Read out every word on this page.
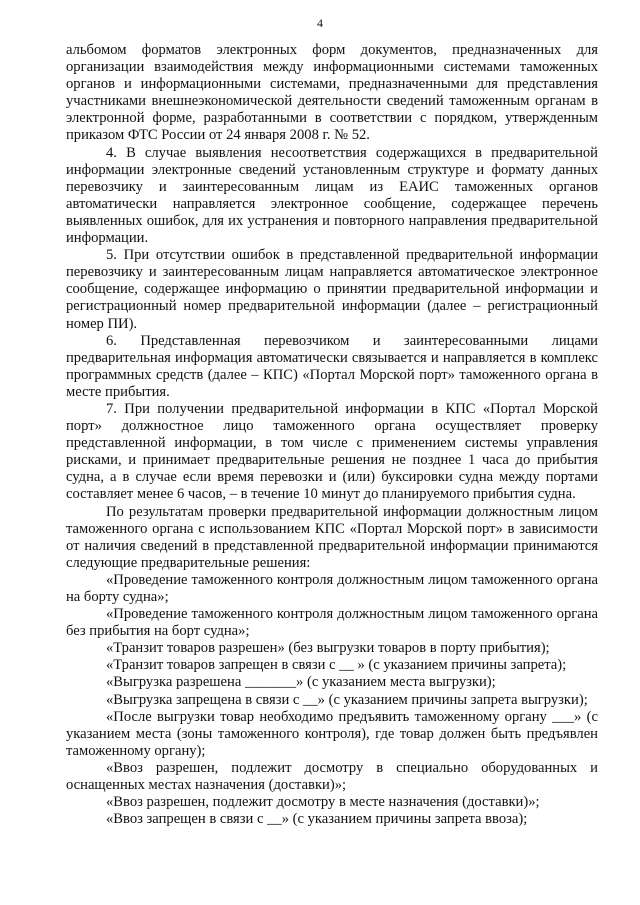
4

альбомом форматов электронных форм документов, предназначенных для организации взаимодействия между информационными системами таможенных органов и информационными системами, предназначенными для представления участниками внешнеэкономической деятельности сведений таможенным органам в электронной форме, разработанными в соответствии с порядком, утвержденным приказом ФТС России от 24 января 2008 г. № 52.

4. В случае выявления несоответствия содержащихся в предварительной информации электронные сведений установленным структуре и формату данных перевозчику и заинтересованным лицам из ЕАИС таможенных органов автоматически направляется электронное сообщение, содержащее перечень выявленных ошибок, для их устранения и повторного направления предварительной информации.

5. При отсутствии ошибок в представленной предварительной информации перевозчику и заинтересованным лицам направляется автоматическое электронное сообщение, содержащее информацию о принятии предварительной информации и регистрационный номер предварительной информации (далее – регистрационный номер ПИ).

6. Представленная перевозчиком и заинтересованными лицами предварительная информация автоматически связывается и направляется в комплекс программных средств (далее – КПС) «Портал Морской порт» таможенного органа в месте прибытия.

7. При получении предварительной информации в КПС «Портал Морской порт» должностное лицо таможенного органа осуществляет проверку представленной информации, в том числе с применением системы управления рисками, и принимает предварительные решения не позднее 1 часа до прибытия судна, а в случае если время перевозки и (или) буксировки судна между портами составляет менее 6 часов, – в течение 10 минут до планируемого прибытия судна.

По результатам проверки предварительной информации должностным лицом таможенного органа с использованием КПС «Портал Морской порт» в зависимости от наличия сведений в представленной предварительной информации принимаются следующие предварительные решения:

«Проведение таможенного контроля должностным лицом таможенного органа на борту судна»;

«Проведение таможенного контроля должностным лицом таможенного органа без прибытия на борт судна»;

«Транзит товаров разрешен» (без выгрузки товаров в порту прибытия);

«Транзит товаров запрещен в связи с __ » (с указанием причины запрета);

«Выгрузка разрешена _______» (с указанием места выгрузки);

«Выгрузка запрещена в связи с __» (с указанием причины запрета выгрузки);

«После выгрузки товар необходимо предъявить таможенному органу ___» (с указанием места (зоны таможенного контроля), где товар должен быть предъявлен таможенному органу);

«Ввоз разрешен, подлежит досмотру в специально оборудованных и оснащенных местах назначения (доставки)»;

«Ввоз разрешен, подлежит досмотру в месте назначения (доставки)»;

«Ввоз запрещен в связи с __» (с указанием причины запрета ввоза);
